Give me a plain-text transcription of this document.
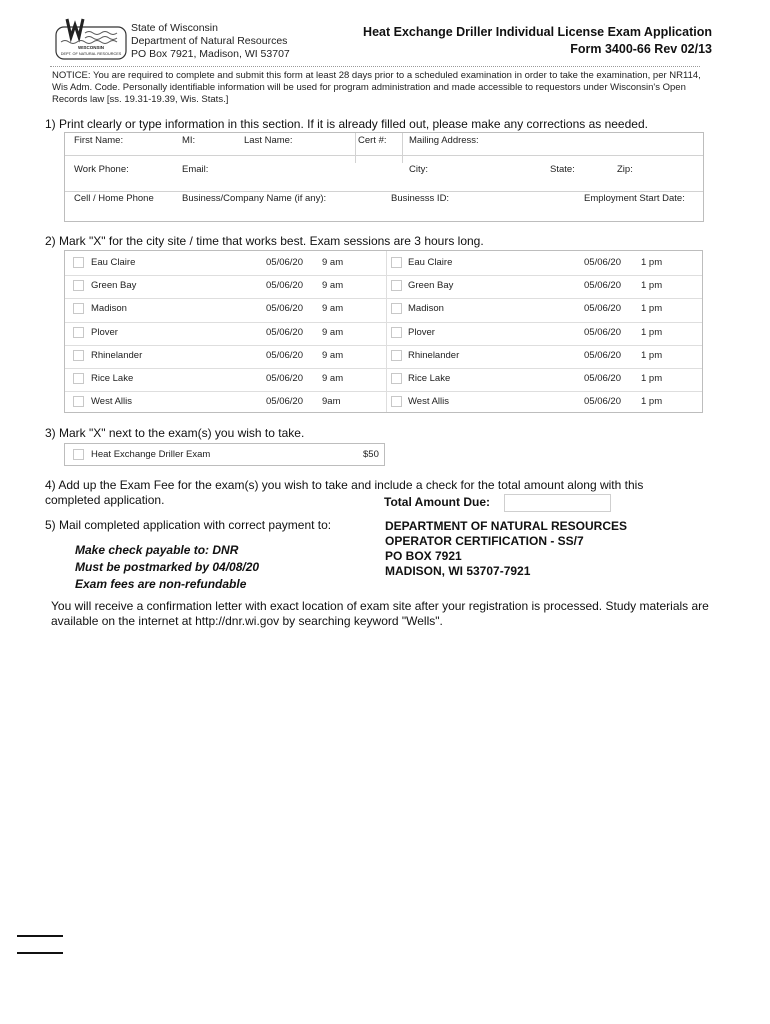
WISCONSIN
DEPT. OF NATURAL RESOURCES
State of Wisconsin
Department of Natural Resources
PO Box 7921, Madison, WI 53707
Heat Exchange Driller Individual License Exam Application
Form 3400-66 Rev 02/13
NOTICE: You are required to complete and submit this form at least 28 days prior to a scheduled examination in order to take the examination, per NR114, Wis Adm. Code. Personally identifiable information will be used for program administration and made accessible to requestors under Wisconsin's Open Records law [ss. 19.31-19.39, Wis. Stats.]
1) Print clearly or type information in this section. If it is already filled out, please make any corrections as needed.
First Name:	MI:	Last Name:	Cert #: Mailing Address:
Work Phone:	Email:	City:	State:	Zip:
Cell / Home Phone	Business/Company Name (if any):	Businesss ID:	Employment Start Date:
2) Mark "X" for the city site / time that works best. Exam sessions are 3 hours long.
Eau Claire	05/06/20 9 am	Eau Claire	05/06/20 1 pm
Green Bay	05/06/20 9 am	Green Bay	05/06/20 1 pm
Madison	05/06/20 9 am	Madison	05/06/20 1 pm
Plover	05/06/20 9 am	Plover	05/06/20 1 pm
Rhinelander	05/06/20 9 am	Rhinelander	05/06/20 1 pm
Rice Lake	05/06/20 9 am	Rice Lake	05/06/20 1 pm
West Allis	05/06/20 9am	West Allis	05/06/20 1 pm
3) Mark "X" next to the exam(s) you wish to take.
Heat Exchange Driller Exam	$50
4) Add up the Exam Fee for the exam(s) you wish to take and include a check for the total amount along with this completed application.	Total Amount Due:
5) Mail completed application with correct payment to:
Make check payable to: DNR
Must be postmarked by 04/08/20
Exam fees are non-refundable
DEPARTMENT OF NATURAL RESOURCES
OPERATOR CERTIFICATION - SS/7
PO BOX 7921
MADISON, WI 53707-7921
You will receive a confirmation letter with exact location of exam site after your registration is processed. Study materials are available on the internet at http://dnr.wi.gov by searching keyword "Wells".
